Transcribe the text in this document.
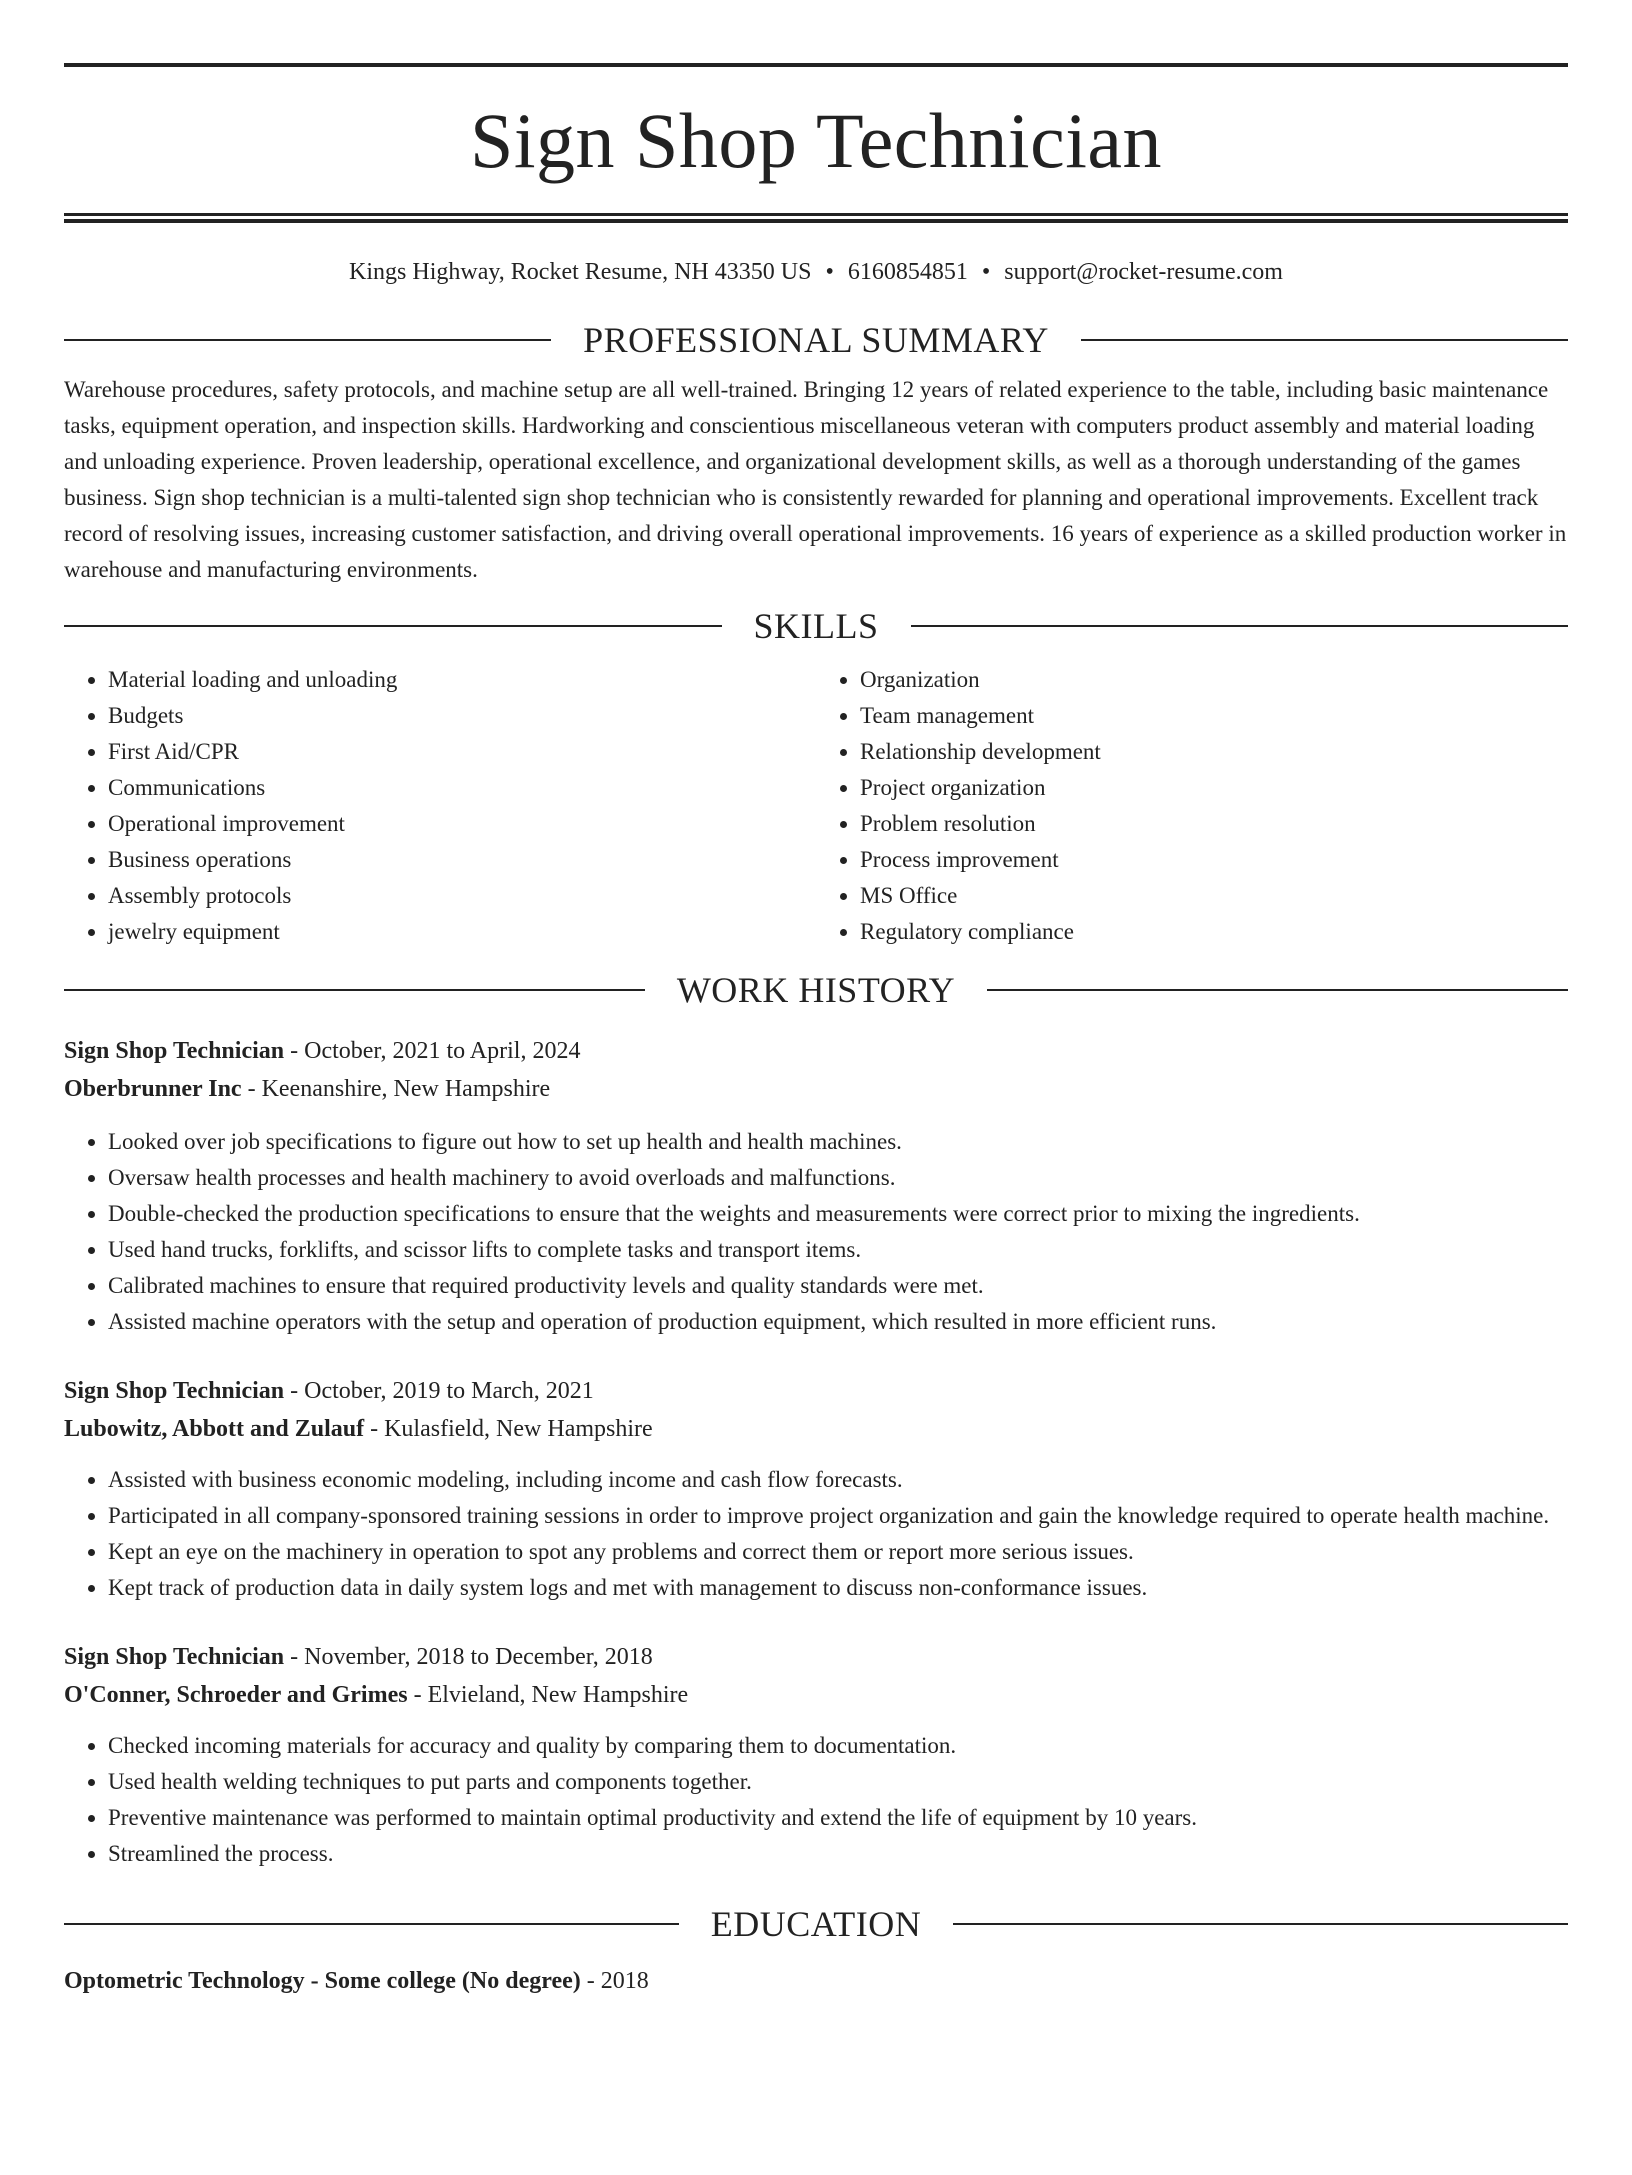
Sign Shop Technician
Kings Highway, Rocket Resume, NH 43350 US • 6160854851 • support@rocket-resume.com
PROFESSIONAL SUMMARY

Warehouse procedures, safety protocols, and machine setup are all well-trained. Bringing 12 years of related experience to the table, including basic maintenance tasks, equipment operation, and inspection skills. Hardworking and conscientious miscellaneous veteran with computers product assembly and material loading and unloading experience. Proven leadership, operational excellence, and organizational development skills, as well as a thorough understanding of the games business. Sign shop technician is a multi-talented sign shop technician who is consistently rewarded for planning and operational improvements. Excellent track record of resolving issues, increasing customer satisfaction, and driving overall operational improvements. 16 years of experience as a skilled production worker in warehouse and manufacturing environments.

SKILLS
• Material loading and unloading
• Budgets
• First Aid/CPR
• Communications
• Operational improvement
• Business operations
• Assembly protocols
• jewelry equipment
• Organization
• Team management
• Relationship development
• Project organization
• Problem resolution
• Process improvement
• MS Office
• Regulatory compliance
WORK HISTORY
Sign Shop Technician - October, 2021 to April, 2024
Oberbrunner Inc - Keenanshire, New Hampshire
• Looked over job specifications to figure out how to set up health and health machines.
• Oversaw health processes and health machinery to avoid overloads and malfunctions.
• Double-checked the production specifications to ensure that the weights and measurements were correct prior to mixing the ingredients.
• Used hand trucks, forklifts, and scissor lifts to complete tasks and transport items.
• Calibrated machines to ensure that required productivity levels and quality standards were met.
• Assisted machine operators with the setup and operation of production equipment, which resulted in more efficient runs.
Sign Shop Technician - October, 2019 to March, 2021
Lubowitz, Abbott and Zulauf - Kulasfield, New Hampshire
• Assisted with business economic modeling, including income and cash flow forecasts.
• Participated in all company-sponsored training sessions in order to improve project organization and gain the knowledge required to operate health machine.
• Kept an eye on the machinery in operation to spot any problems and correct them or report more serious issues.
• Kept track of production data in daily system logs and met with management to discuss non-conformance issues.
Sign Shop Technician - November, 2018 to December, 2018
O'Conner, Schroeder and Grimes - Elvieland, New Hampshire
• Checked incoming materials for accuracy and quality by comparing them to documentation.
• Used health welding techniques to put parts and components together.
• Preventive maintenance was performed to maintain optimal productivity and extend the life of equipment by 10 years.
• Streamlined the process.
EDUCATION
Optometric Technology - Some college (No degree) - 2018
